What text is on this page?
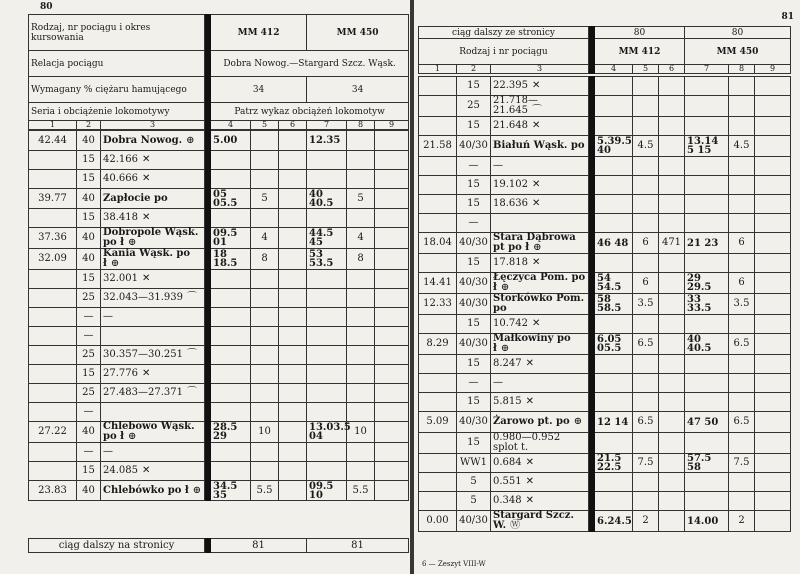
80
Rodzaj, nr pociągu i okres kursowania				MM 412			MM 450		
Relacja pociągu				Dobra Nowog.—Stargard Szcz. Wąsk.					
Wymagany % ciężaru hamującego				34			34		
Seria i obciążenie lokomotywy				Patrz wykaz obciążeń lokomotyw					
1	2	3		4	5	6	7	8	9
42.44	40	Dobra Nowog. ⊕		5.00			12.35		

	15	42.166 ✕							
	15	40.666 ✕							
39.77	40	Zapłocie po		05 05.5	5		40 40.5	5	
	15	38.418 ✕							
37.36	40	Dobropole Wąsk. po ł ⊕		09.5 01	4		44.5 45	4	
32.09	40	Kania Wąsk. po ł ⊕		18 18.5	8		53 53.5	8	
	15	32.001 ✕							
	25	32.043—31.939 ⌒							
	—	—							
	—								
	25	30.357—30.251 ⌒							
	15	27.776 ✕							
	25	27.483—27.371 ⌒							
	—								
27.22	40	Chlebowo Wąsk. po ł ⊕		28.5 29	10		13.03.5 04	10	
	—	—							
	15	24.085 ✕							
23.83	40	Chlebówko po ł ⊕		34.5 35	5.5		09.5 10	5.5	
ciąg dalszy na stronicy		81	81
81
ciąg dalszy ze stronicy				80			80		
Rodzaj i nr pociągu				MM 412			MM 450		
1	2	3		4	5	6	7	8	9
	15	22.395 ✕							
	25	21.718—21.645 ⌒							
	15	21.648 ✕							
21.58	40/30	Białuń Wąsk. po		5.39.5 40	4.5		13.14 5 15	4.5	
	—	—							
	15	19.102 ✕							
	15	18.636 ✕							
	—								
18.04	40/30	Stara Dąbrowa pt po ł ⊕		46 48	6	471	21 23	6	
	15	17.818 ✕							
14.41	40/30	Łęczyca Pom. po ł ⊕		54 54.5	6		29 29.5	6	
12.33	40/30	Storkówko Pom. po		58 58.5	3.5		33 33.5	3.5	
	15	10.742 ✕							
8.29	40/30	Małkowiny po ł ⊕		6.05 05.5	6.5		40 40.5	6.5	
	15	8.247 ✕							
	—	—							
	15	5.815 ✕							
5.09	40/30	Żarowo pt. po ⊕		12 14	6.5		47 50	6.5	
	15	0.980—0.952 splot t.							
	WW1	0.684 ✕		21.5 22.5	7.5		57.5 58	7.5	
	5	0.551 ✕							
	5	0.348 ✕							
0.00	40/30	Stargard Szcz. W. Ⓦ		6.24.5	2		14.00	2	
6 — Zeszyt VIII-W
